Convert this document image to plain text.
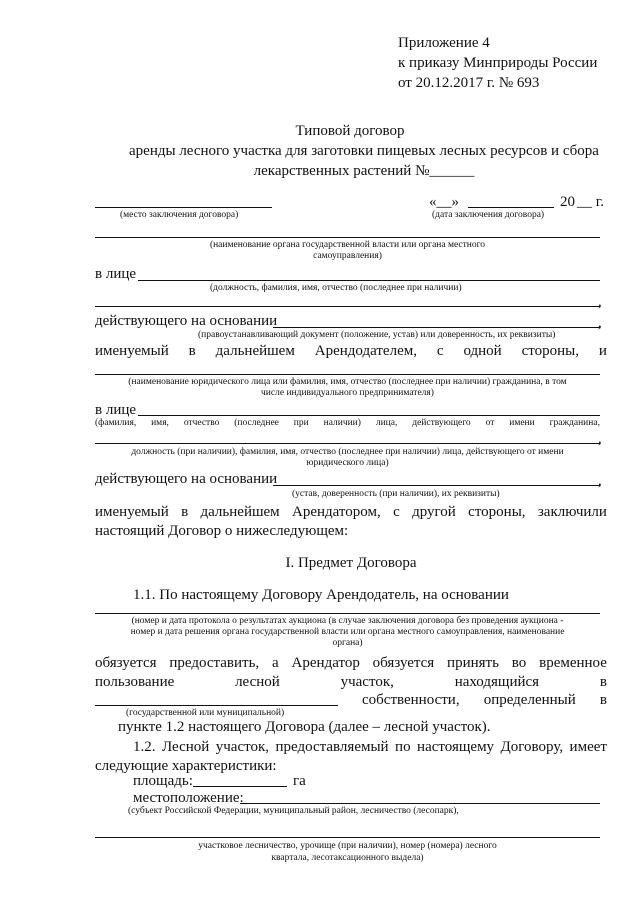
Приложение 4
к приказу Минприроды России
от 20.12.2017 г. № 693
Типовой договор
аренды лесного участка для заготовки пищевых лесных ресурсов и сбора
лекарственных растений №______
(место заключения договора)
«__»	20 __ г.
(дата заключения договора)
(наименование органа государственной власти или органа местного
самоуправления)
в лице
(должность, фамилия, имя, отчество (последнее при наличии)
,
действующего на основании	,
(правоустанавливающий документ (положение, устав) или доверенность, их реквизиты)
именуемый в дальнейшем Арендодателем, с одной стороны, и
(наименование юридического лица или фамилия, имя, отчество (последнее при наличии) гражданина, в том
числе индивидуального предпринимателя)
в лице
(фамилия, имя, отчество (последнее при наличии) лица, действующего от имени гражданина,
,
должность (при наличии), фамилия, имя, отчество (последнее при наличии) лица, действующего от имени
юридического лица)
действующего на основании	,
(устав, доверенность (при наличии), их реквизиты)
именуемый в дальнейшем Арендатором, с другой стороны, заключили
настоящий Договор о нижеследующем:
I. Предмет Договора
1.1. По настоящему Договору Арендодатель, на основании
(номер и дата протокола о результатах аукциона (в случае заключения договора без проведения аукциона -
номер и дата решения органа государственной власти или органа местного самоуправления, наименование
органа)
обязуется предоставить, а Арендатор обязуется принять во временное
пользование	лесной	участок,	находящийся	в
собственности, определенный в
(государственной или муниципальной)
пункте 1.2 настоящего Договора (далее – лесной участок).
1.2. Лесной участок, предоставляемый по настоящему Договору, имеет
следующие характеристики:
площадь:	га
местоположение:
(субъект Российской Федерации, муниципальный район, лесничество (лесопарк),
участковое лесничество, урочище (при наличии), номер (номера) лесного
квартала, лесотаксационного выдела)
